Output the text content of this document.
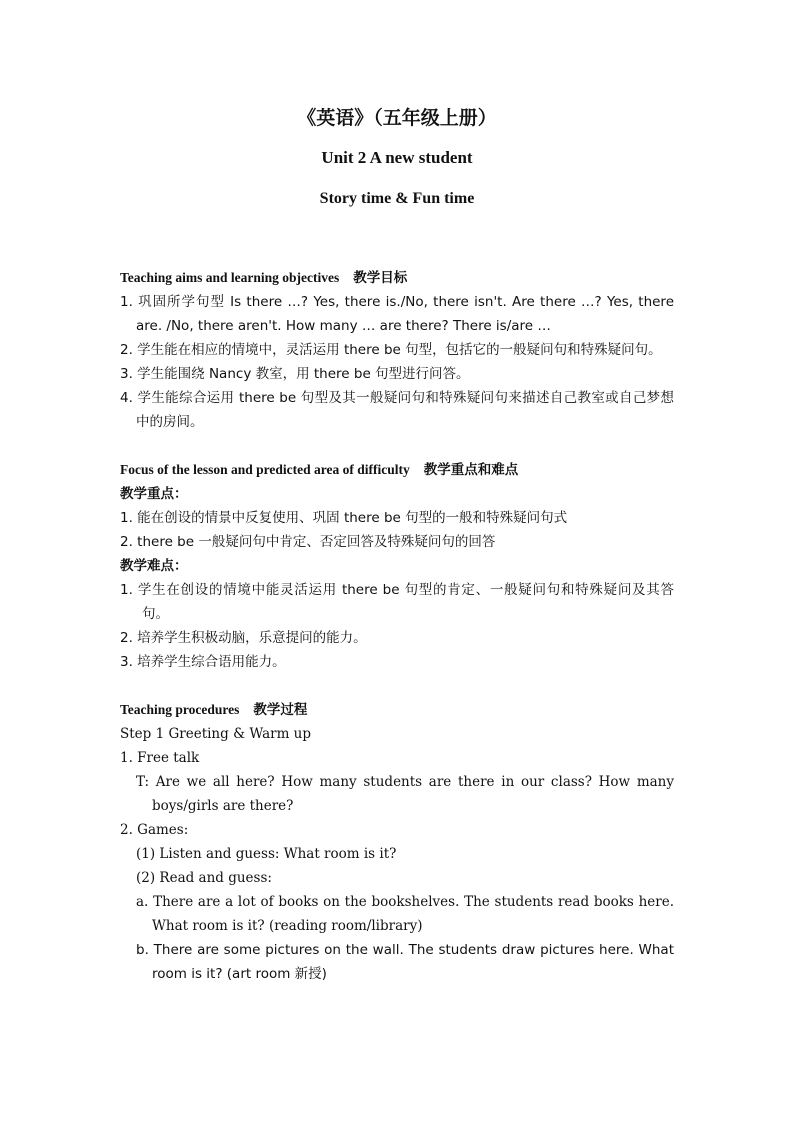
《英语》（五年级上册）
Unit 2 A new student
Story time & Fun time

Teaching aims and learning objectives 教学目标

1. 巩固所学句型 Is there …? Yes, there is./No, there isn't. Are there …? Yes, there are. /No, there aren't. How many … are there? There is/are …

2. 学生能在相应的情境中，灵活运用 there be 句型，包括它的一般疑问句和特殊疑问句。

3. 学生能围绕 Nancy 教室，用 there be 句型进行问答。

4. 学生能综合运用 there be 句型及其一般疑问句和特殊疑问句来描述自己教室或自己梦想中的房间。

Focus of the lesson and predicted area of difficulty 教学重点和难点

教学重点：

1. 能在创设的情景中反复使用、巩固 there be 句型的一般和特殊疑问句式

2. there be 一般疑问句中肯定、否定回答及特殊疑问句的回答

教学难点：

1. 学生在创设的情境中能灵活运用 there be 句型的肯定、一般疑问句和特殊疑问及其答句。

2. 培养学生积极动脑，乐意提问的能力。

3. 培养学生综合语用能力。

Teaching procedures 教学过程

Step 1 Greeting & Warm up

1. Free talk

T: Are we all here? How many students are there in our class? How many boys/girls are there?

2. Games:

(1) Listen and guess: What room is it?

(2) Read and guess:

a. There are a lot of books on the bookshelves. The students read books here. What room is it? (reading room/library)

b. There are some pictures on the wall. The students draw pictures here. What room is it? (art room 新授)
